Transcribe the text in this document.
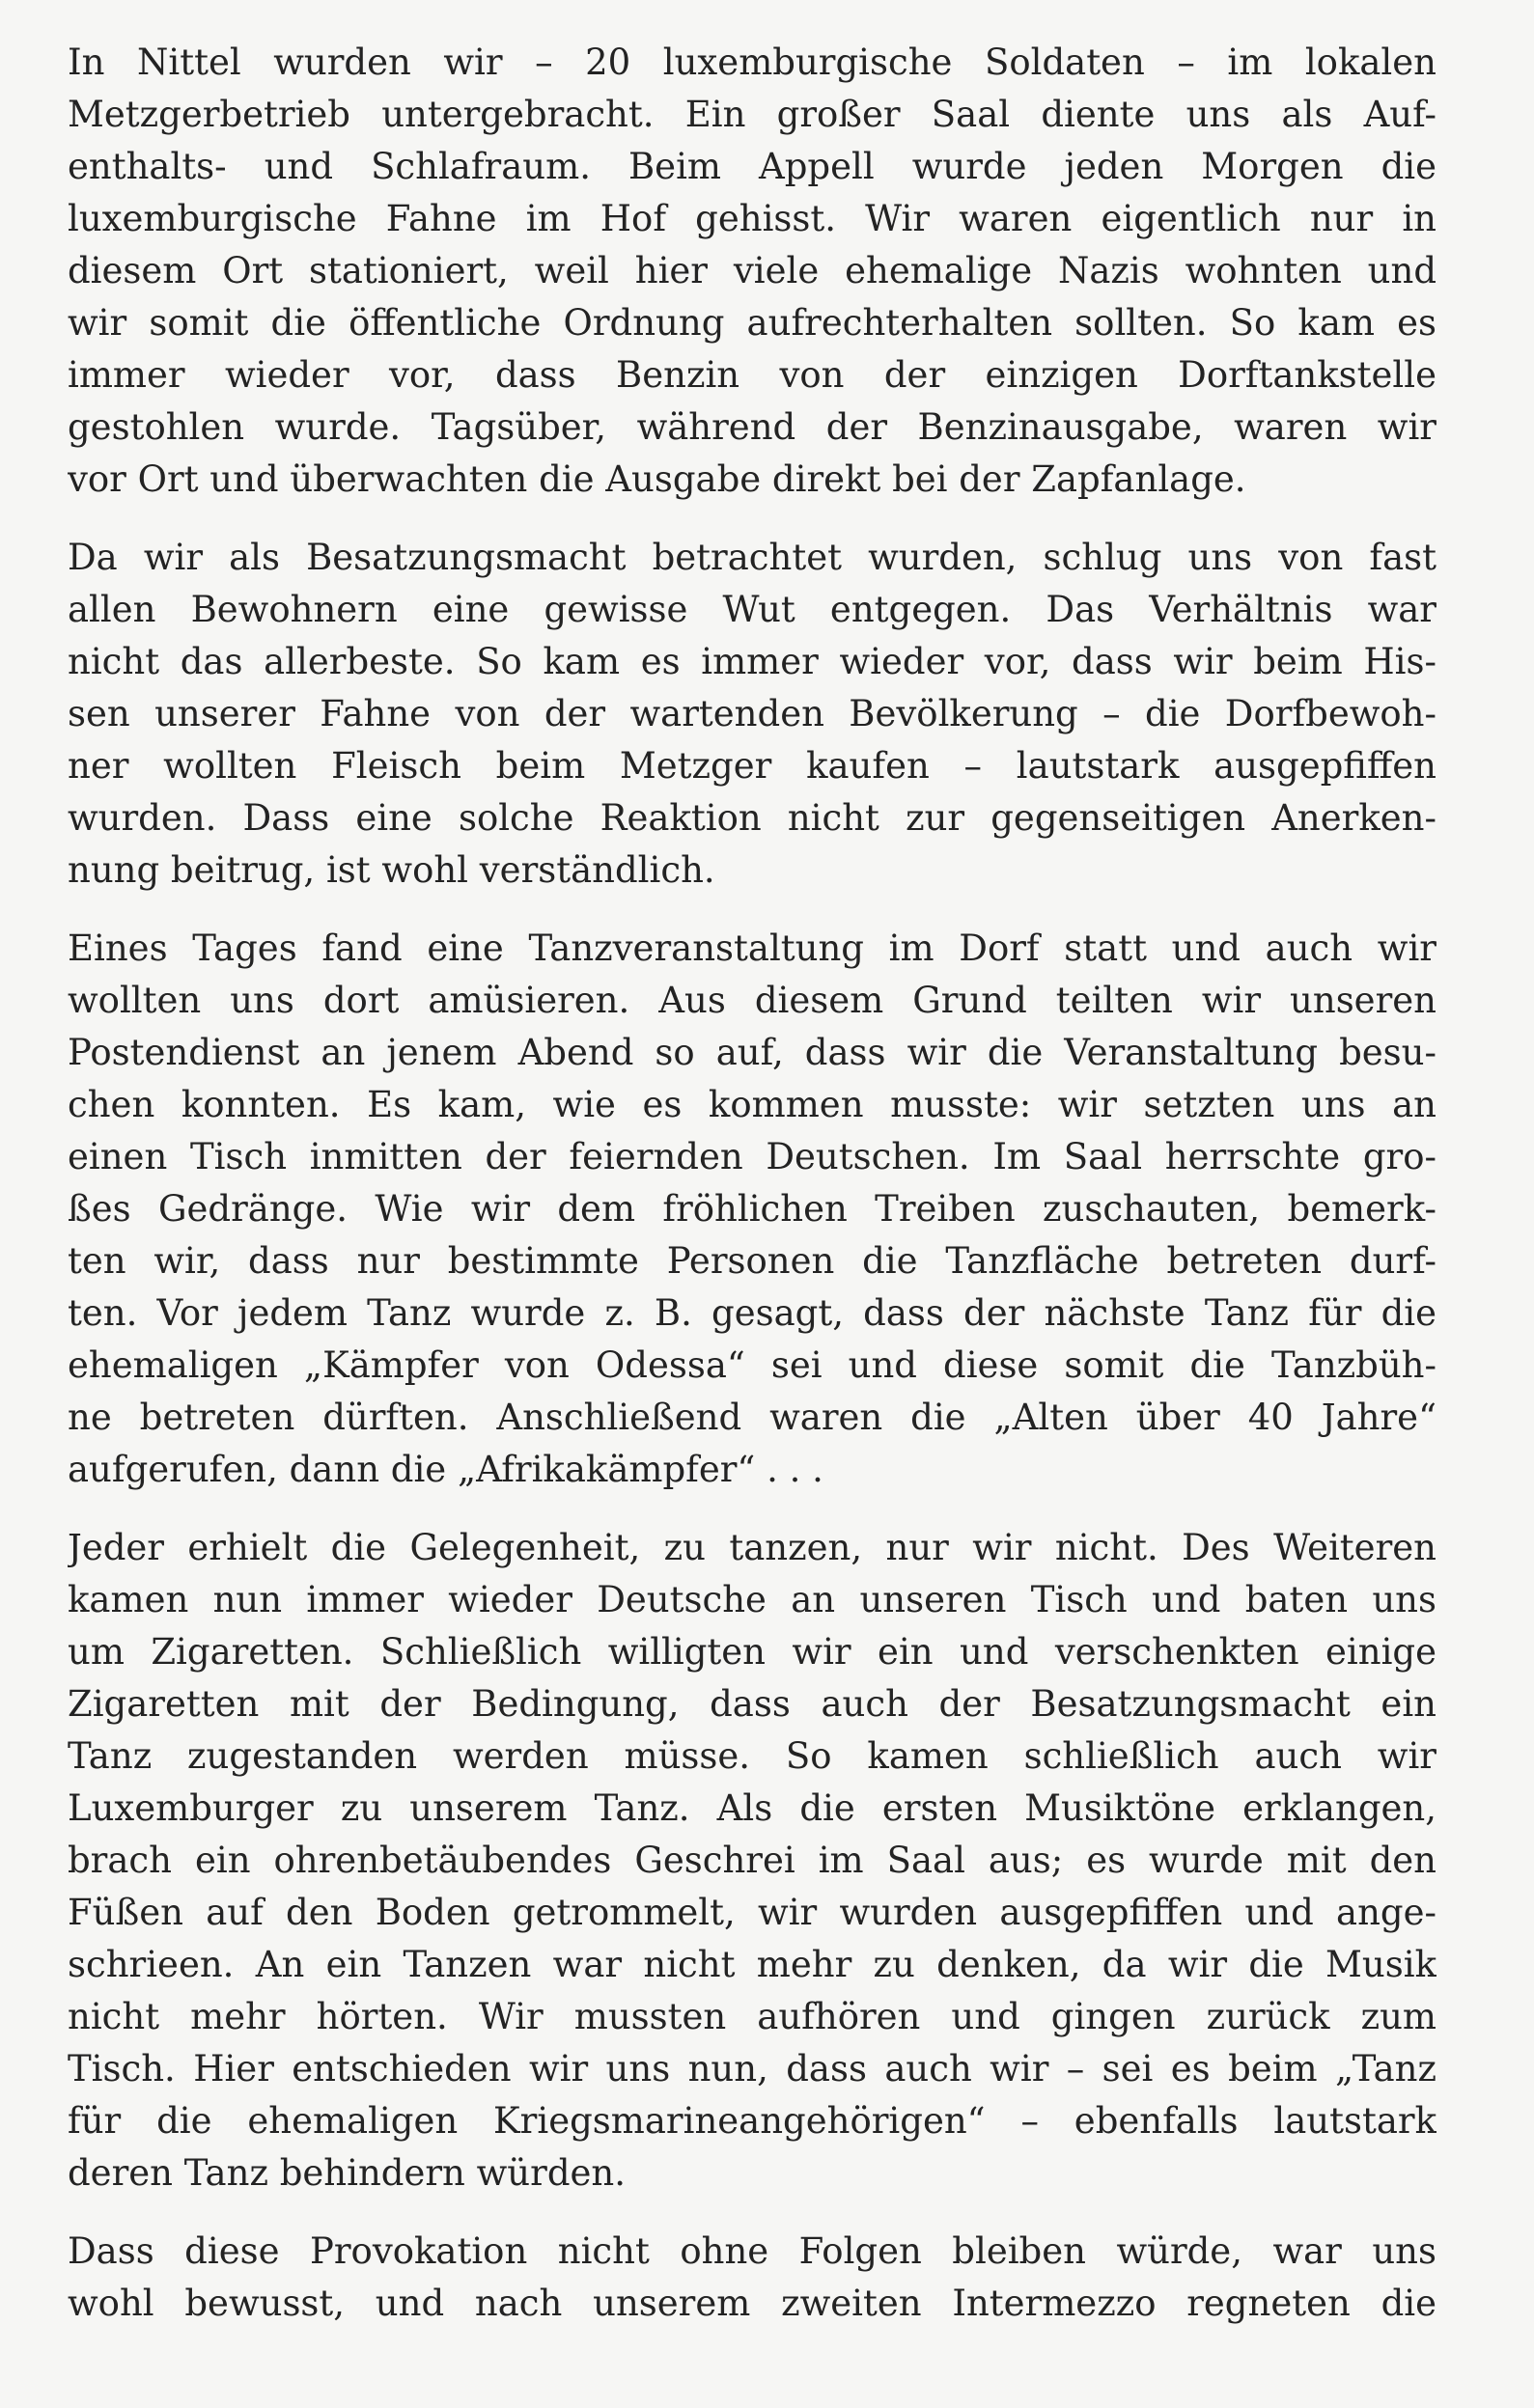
In Nittel wurden wir – 20 luxemburgische Soldaten – im lokalen
Metzgerbetrieb untergebracht. Ein großer Saal diente uns als Auf-
enthalts- und Schlafraum. Beim Appell wurde jeden Morgen die
luxemburgische Fahne im Hof gehisst. Wir waren eigentlich nur in
diesem Ort stationiert, weil hier viele ehemalige Nazis wohnten und
wir somit die öffentliche Ordnung aufrechterhalten sollten. So kam es
immer wieder vor, dass Benzin von der einzigen Dorftankstelle
gestohlen wurde. Tagsüber, während der Benzinausgabe, waren wir
vor Ort und überwachten die Ausgabe direkt bei der Zapfanlage.

Da wir als Besatzungsmacht betrachtet wurden, schlug uns von fast
allen Bewohnern eine gewisse Wut entgegen. Das Verhältnis war
nicht das allerbeste. So kam es immer wieder vor, dass wir beim His-
sen unserer Fahne von der wartenden Bevölkerung – die Dorfbewoh-
ner wollten Fleisch beim Metzger kaufen – lautstark ausgepfiffen
wurden. Dass eine solche Reaktion nicht zur gegenseitigen Anerken-
nung beitrug, ist wohl verständlich.

Eines Tages fand eine Tanzveranstaltung im Dorf statt und auch wir
wollten uns dort amüsieren. Aus diesem Grund teilten wir unseren
Postendienst an jenem Abend so auf, dass wir die Veranstaltung besu-
chen konnten. Es kam, wie es kommen musste: wir setzten uns an
einen Tisch inmitten der feiernden Deutschen. Im Saal herrschte gro-
ßes Gedränge. Wie wir dem fröhlichen Treiben zuschauten, bemerk-
ten wir, dass nur bestimmte Personen die Tanzfläche betreten durf-
ten. Vor jedem Tanz wurde z. B. gesagt, dass der nächste Tanz für die
ehemaligen „Kämpfer von Odessa“ sei und diese somit die Tanzbüh-
ne betreten dürften. Anschließend waren die „Alten über 40 Jahre“
aufgerufen, dann die „Afrikakämpfer“ . . .

Jeder erhielt die Gelegenheit, zu tanzen, nur wir nicht. Des Weiteren
kamen nun immer wieder Deutsche an unseren Tisch und baten uns
um Zigaretten. Schließlich willigten wir ein und verschenkten einige
Zigaretten mit der Bedingung, dass auch der Besatzungsmacht ein
Tanz zugestanden werden müsse. So kamen schließlich auch wir
Luxemburger zu unserem Tanz. Als die ersten Musiktöne erklangen,
brach ein ohrenbetäubendes Geschrei im Saal aus; es wurde mit den
Füßen auf den Boden getrommelt, wir wurden ausgepfiffen und ange-
schrieen. An ein Tanzen war nicht mehr zu denken, da wir die Musik
nicht mehr hörten. Wir mussten aufhören und gingen zurück zum
Tisch. Hier entschieden wir uns nun, dass auch wir – sei es beim „Tanz
für die ehemaligen Kriegsmarineangehörigen“ – ebenfalls lautstark
deren Tanz behindern würden.

Dass diese Provokation nicht ohne Folgen bleiben würde, war uns
wohl bewusst, und nach unserem zweiten Intermezzo regneten die
